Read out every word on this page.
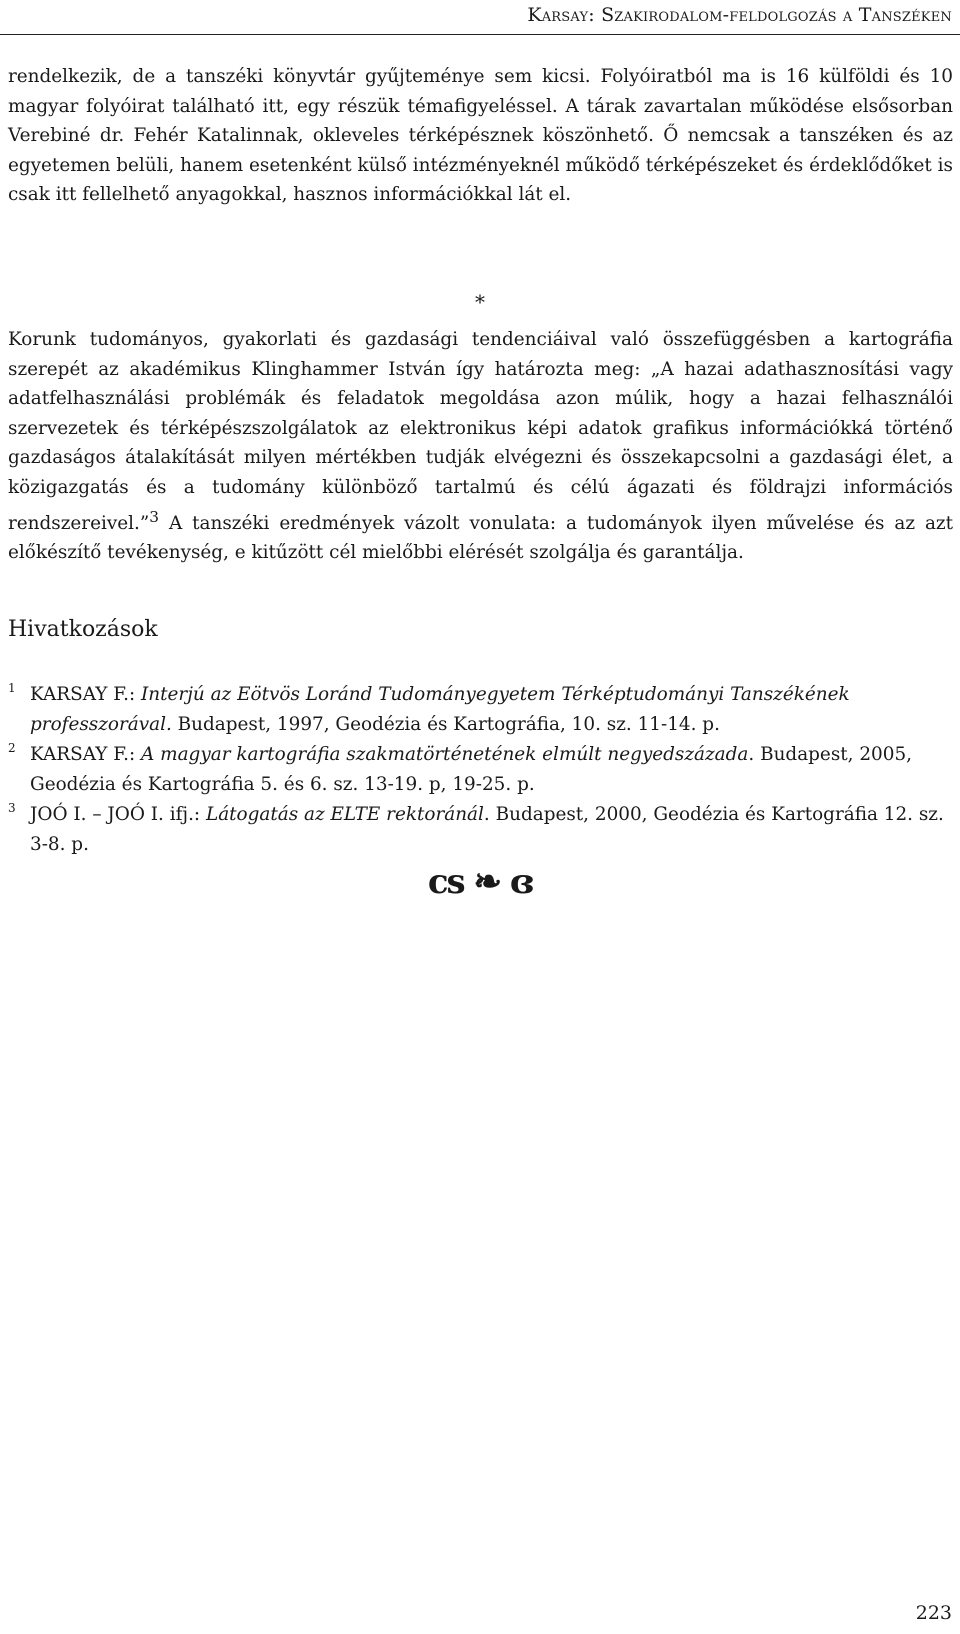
Karsay: Szakirodalom-feldolgozás a Tanszéken

rendelkezik, de a tanszéki könyvtár gyűjteménye sem kicsi. Folyóiratból ma is 16 külföldi és 10 magyar folyóirat található itt, egy részük témafigyeléssel. A tárak zavartalan működése elsősorban Verebiné dr. Fehér Katalinnak, okleveles térképésznek köszönhető. Ő nemcsak a tanszéken és az egyetemen belüli, hanem esetenként külső intézményeknél működő térképészeket és érdeklődőket is csak itt fellelhető anyagokkal, hasznos információkkal lát el.

*

Korunk tudományos, gyakorlati és gazdasági tendenciáival való összefüggésben a kartográfia szerepét az akadémikus Klinghammer István így határozta meg: „A hazai adathasznosítási vagy adatfelhasználási problémák és feladatok megoldása azon múlik, hogy a hazai felhasználói szervezetek és térképészszolgálatok az elektronikus képi adatok grafikus információkká történő gazdaságos átalakítását milyen mértékben tudják elvégezni és összekapcsolni a gazdasági élet, a közigazgatás és a tudomány különböző tartalmú és célú ágazati és földrajzi információs rendszereivel.”$^3$ A tanszéki eredmények vázolt vonulata: a tudományok ilyen művelése és az azt előkészítő tevékenység, e kitűzött cél mielőbbi elérését szolgálja és garantálja.

Hivatkozások

1 KARSAY F.: Interjú az Eötvös Loránd Tudományegyetem Térképtudományi Tanszékének professzorával. Budapest, 1997, Geodézia és Kartográfia, 10. sz. 11-14. p.

2 KARSAY F.: A magyar kartográfia szakmatörténetének elmúlt negyedszázada. Budapest, 2005, Geodézia és Kartográfia 5. és 6. sz. 13-19. p, 19-25. p.

3 JOÓ I. – JOÓ I. ifj.: Látogatás az ELTE rektoránál. Budapest, 2000, Geodézia és Kartográfia 12. sz. 3-8. p.

cs ❧ ɞ
223
